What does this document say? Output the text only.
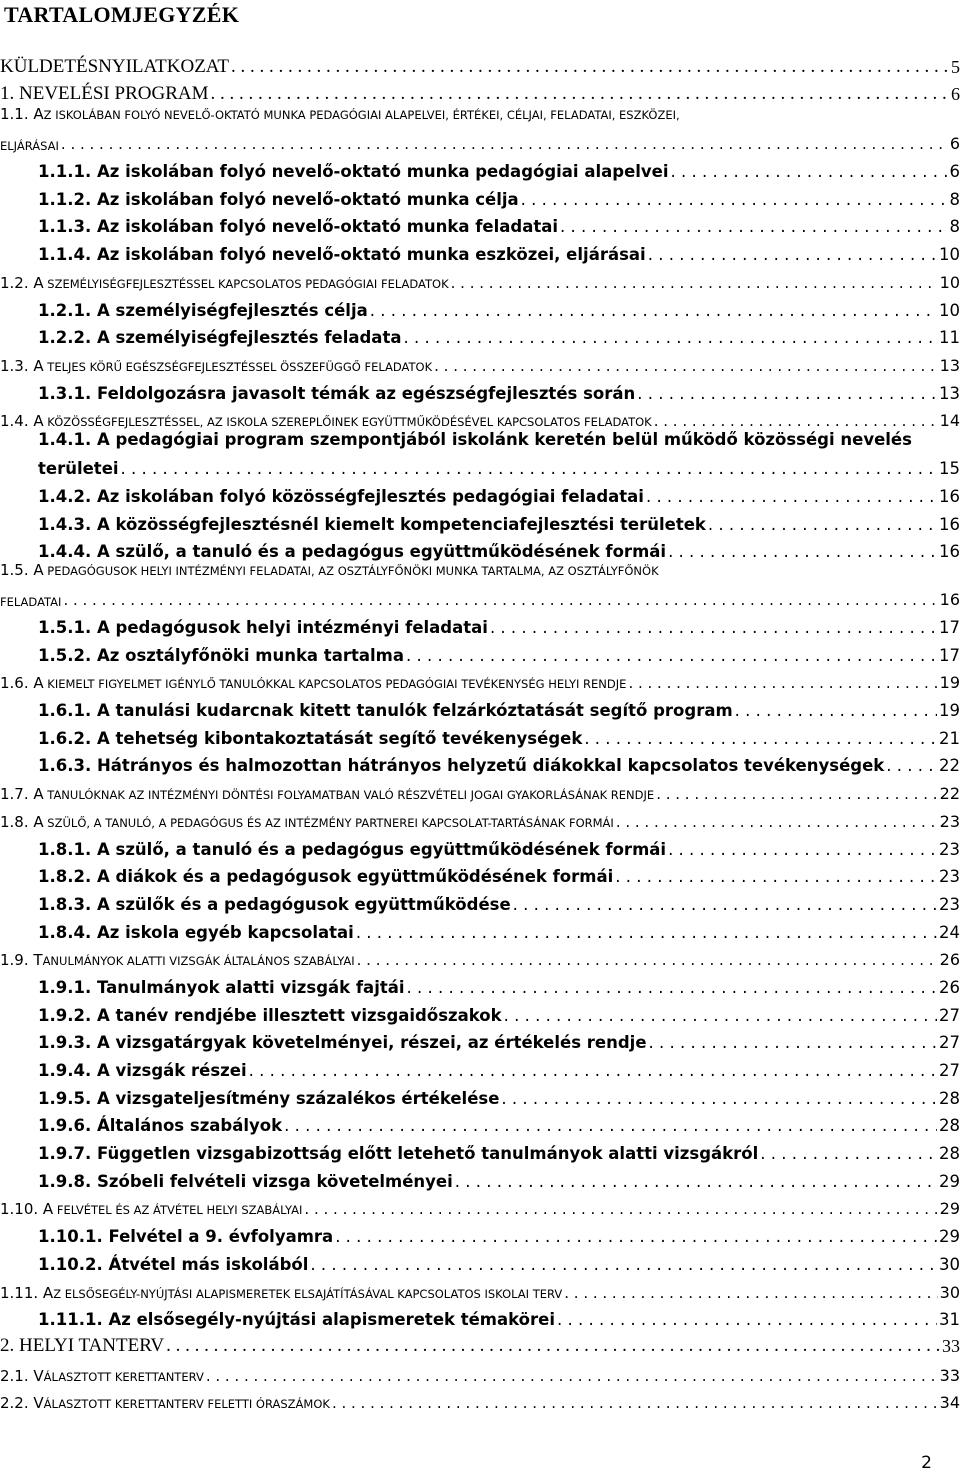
TARTALOMJEGYZÉK
KÜLDETÉSNYILATKOZAT . . .	5
1. NEVELÉSI PROGRAM . . .	6
1.1. AZ ISKOLÁBAN FOLYÓ NEVELŐ-OKTATÓ MUNKA PEDAGÓGIAI ALAPELVEI, ÉRTÉKEI, CÉLJAI, FELADATAI, ESZKÖZEI,
ELJÁRÁSAI . . .	6
1.1.1. Az iskolában folyó nevelő-oktató munka pedagógiai alapelvei . . .	6
1.1.2. Az iskolában folyó nevelő-oktató munka célja . . .	8
1.1.3. Az iskolában folyó nevelő-oktató munka feladatai . . .	8
1.1.4. Az iskolában folyó nevelő-oktató munka eszközei, eljárásai . . .	10
1.2. A SZEMÉLYISÉGFEJLESZTÉSSEL KAPCSOLATOS PEDAGÓGIAI FELADATOK . . .	10
1.2.1. A személyiségfejlesztés célja . . .	10
1.2.2. A személyiségfejlesztés feladata . . .	11
1.3. A TELJES KÖRŰ EGÉSZSÉGFEJLESZTÉSSEL ÖSSZEFÜGGŐ FELADATOK . . .	13
1.3.1. Feldolgozásra javasolt témák az egészségfejlesztés során . . .	13
1.4. A KÖZÖSSÉGFEJLESZTÉSSEL, AZ ISKOLA SZEREPLŐINEK EGYÜTTMŰKÖDÉSÉVEL KAPCSOLATOS FELADATOK . . .	14
1.4.1. A pedagógiai program szempontjából iskolánk keretén belül működő közösségi nevelés
területei . . .	15
1.4.2. Az iskolában folyó közösségfejlesztés pedagógiai feladatai . . .	16
1.4.3. A közösségfejlesztésnél kiemelt kompetenciafejlesztési területek . . .	16
1.4.4. A szülő, a tanuló és a pedagógus együttműködésének formái . . .	16
1.5. A PEDAGÓGUSOK HELYI INTÉZMÉNYI FELADATAI, AZ OSZTÁLYFŐNÖKI MUNKA TARTALMA, AZ OSZTÁLYFŐNÖK
FELADATAI . . .	16
1.5.1. A pedagógusok helyi intézményi feladatai . . .	17
1.5.2. Az osztályfőnöki munka tartalma . . .	17
1.6. A KIEMELT FIGYELMET IGÉNYLŐ TANULÓKKAL KAPCSOLATOS PEDAGÓGIAI TEVÉKENYSÉG HELYI RENDJE . . .	19
1.6.1. A tanulási kudarcnak kitett tanulók felzárkóztatását segítő program . . .	19
1.6.2. A tehetség kibontakoztatását segítő tevékenységek . . .	21
1.6.3. Hátrányos és halmozottan hátrányos helyzetű diákokkal kapcsolatos tevékenységek . . .	22
1.7. A TANULÓKNAK AZ INTÉZMÉNYI DÖNTÉSI FOLYAMATBAN VALÓ RÉSZVÉTELI JOGAI GYAKORLÁSÁNAK RENDJE . . .	22
1.8. A SZÜLŐ, A TANULÓ, A PEDAGÓGUS ÉS AZ INTÉZMÉNY PARTNEREI KAPCSOLAT-TARTÁSÁNAK FORMÁI . . .	23
1.8.1. A szülő, a tanuló és a pedagógus együttműködésének formái . . .	23
1.8.2. A diákok és a pedagógusok együttműködésének formái . . .	23
1.8.3. A szülők és a pedagógusok együttműködése . . .	23
1.8.4. Az iskola egyéb kapcsolatai . . .	24
1.9. TANULMÁNYOK ALATTI VIZSGÁK ÁLTALÁNOS SZABÁLYAI . . .	26
1.9.1. Tanulmányok alatti vizsgák fajtái . . .	26
1.9.2. A tanév rendjébe illesztett vizsgaidőszakok . . .	27
1.9.3. A vizsgatárgyak követelményei, részei, az értékelés rendje . . .	27
1.9.4. A vizsgák részei . . .	27
1.9.5. A vizsgateljesítmény százalékos értékelése . . .	28
1.9.6. Általános szabályok . . .	28
1.9.7. Független vizsgabizottság előtt letehető tanulmányok alatti vizsgákról . . .	28
1.9.8. Szóbeli felvételi vizsga követelményei . . .	29
1.10. A FELVÉTEL ÉS AZ ÁTVÉTEL HELYI SZABÁLYAI . . .	29
1.10.1. Felvétel a 9. évfolyamra . . .	29
1.10.2. Átvétel más iskolából . . .	30
1.11. AZ ELSŐSEGÉLY-NYÚJTÁSI ALAPISMERETEK ELSAJÁTÍTÁSÁVAL KAPCSOLATOS ISKOLAI TERV . . .	30
1.11.1. Az elsősegély-nyújtási alapismeretek témakörei . . .	31
2. HELYI TANTERV . . .	33
2.1. VÁLASZTOTT KERETTANTERV . . .	33
2.2. VÁLASZTOTT KERETTANTERV FELETTI ÓRASZÁMOK . . .	34
2
